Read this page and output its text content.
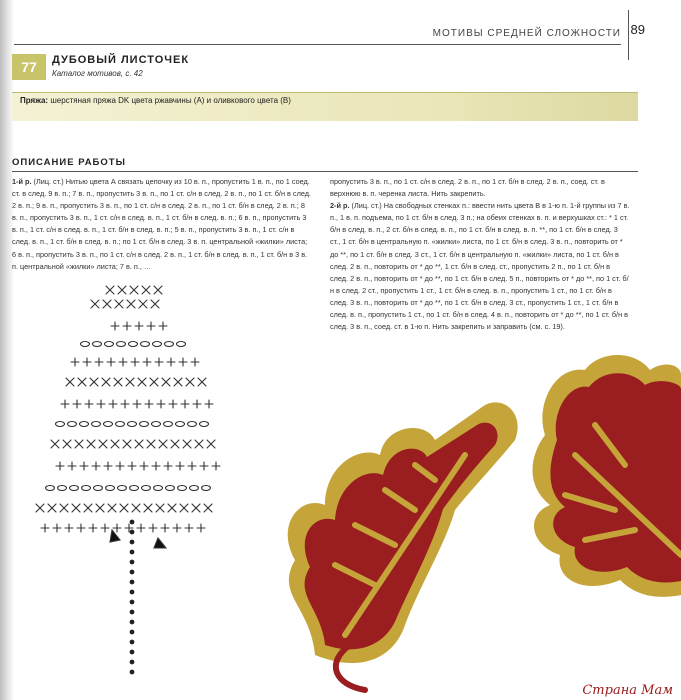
МОТИВЫ СРЕДНЕЙ СЛОЖНОСТИ 89
77	ДУБОВЫЙ ЛИСТОЧЕК
Каталог мотивов, с. 42
Пряжа: шерстяная пряжа DK цвета ржавчины (А) и оливкового цвета (В)
ОПИСАНИЕ РАБОТЫ

1-й р. (Лиц. ст.) Нитью цвета А связать цепочку из 10 в. п., пропустить 1 в. п., по 1 соед. ст. в след. 9 в. п.; 7 в. п., пропустить 3 в. п., по 1 ст. с/н в след. 2 в. п., по 1 ст. б/н в след. 2 в. п.; 9 в. п., пропустить 3 в. п., по 1 ст. с/н в след. 2 в. п., по 1 ст. б/н в след. 2 в. п.; 8 в. п., пропустить 3 в. п., 1 ст. с/н в след. в. п., 1 ст. б/н в след. в. п.; 6 в. п., пропустить 3 в. п., 1 ст. с/н в след. в. п., 1 ст. б/н в след. в. п.; 5 в. п., пропустить 3 в. п., 1 ст. с/н в след. в. п., 1 ст. б/н в след. в. п.; по 1 ст. б/н в след. 3 в. п. центральной «жилки» листа; 6 в. п., пропустить 3 в. п., по 1 ст. с/н в след. 2 в. п., 1 ст. б/н в след. в. п., 1 ст. б/н в 3 в. п. центральной «жилки» листа; 7 в. п., …

пропустить 3 в. п., по 1 ст. с/н в след. 2 в. п., по 1 ст. б/н в след. 2 в. п., соед. ст. в верхнюю в. п. черенка листа. Нить закрепить.

2-й р. (Лиц. ст.) На свободных стенках п.: ввести нить цвета В в 1-ю п. 1-й группы из 7 в. п., 1 в. п. подъема, по 1 ст. б/н в след. 3 п.; на обеих стенках в. п. и верхушках ст.: * 1 ст. б/н в след. в. п., 2 ст. б/н в след. в. п., по 1 ст. б/н в след. в. п. **, по 1 ст. б/н в след. 3 ст., 1 ст. б/н в центральную п. «жилки» листа, по 1 ст. б/н в след. 3 в. п., повторить от * до **, по 1 ст. б/н в след. 3 ст., 1 ст. б/н в центральную п. «жилки» листа, по 1 ст. б/н в след. 2 в. п., повторить от * до **, 1 ст. б/н в след. ст., пропустить 2 п., по 1 ст. б/н в след. 2 в. п., повторить от * до **, по 1 ст. б/н в след. 5 п., повторить от * до **, по 1 ст. б/н в след. 2 ст., пропустить 1 ст., 1 ст. б/н в след. в. п., пропустить 1 ст., по 1 ст. б/н в след. 3 в. п., повторить от * до **, по 1 ст. б/н в след. 3 ст., пропустить 1 ст., 1 ст. б/н в след. в. п., пропустить 1 ст., по 1 ст. б/н в след. 4 в. п., повторить от * до **, по 1 ст. б/н в след. 3 в. п., соед. ст. в 1-ю п. Нить закрепить и заправить (см. с. 19).

Страна Мам
